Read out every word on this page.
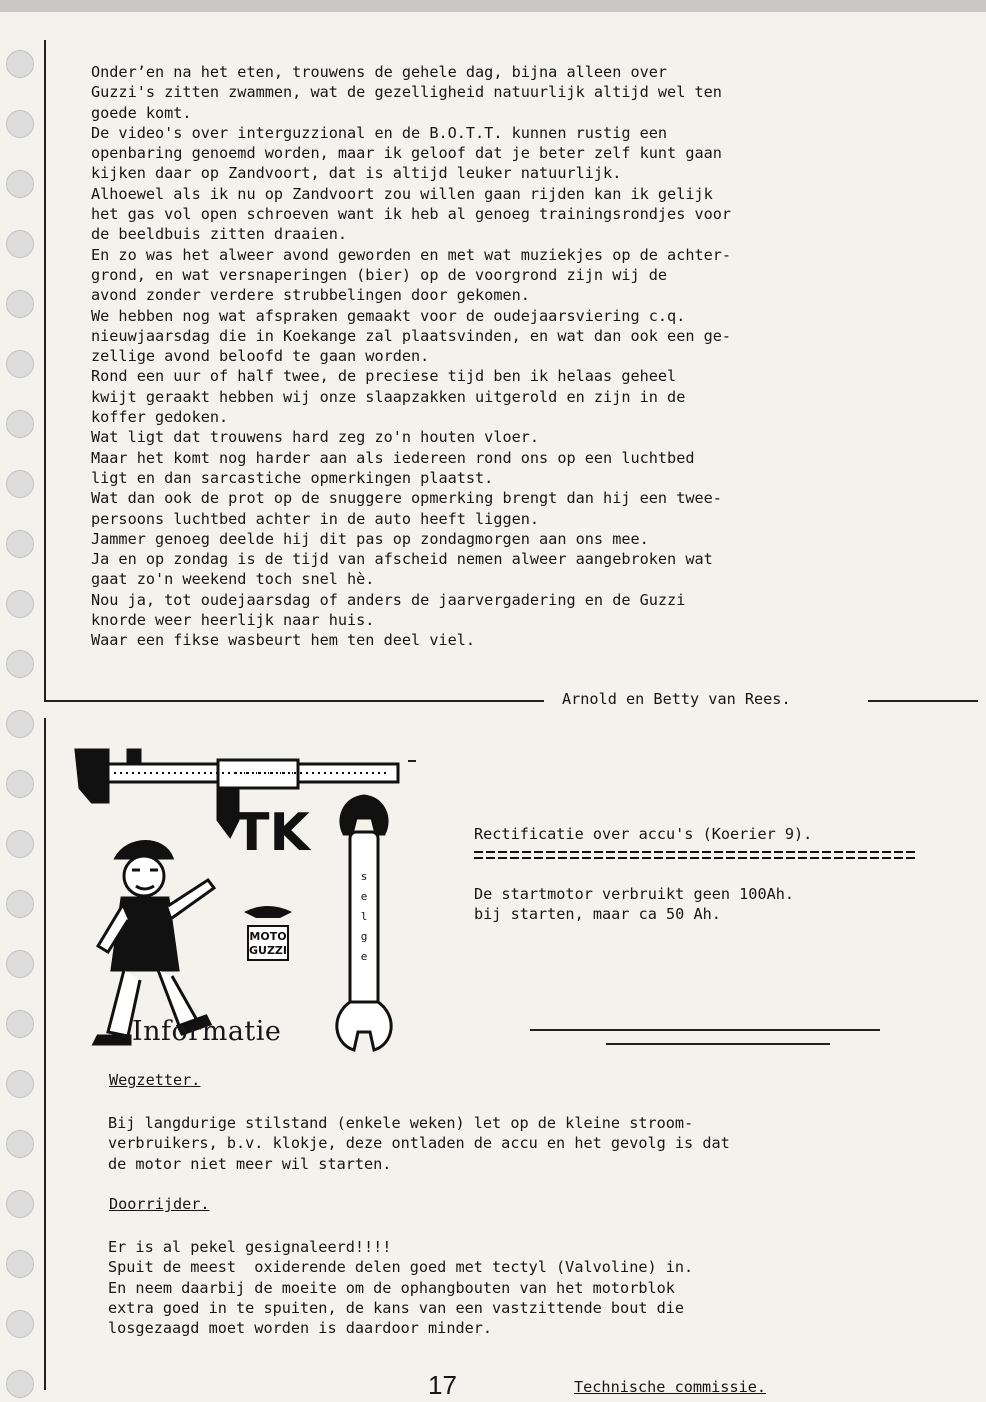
Onderʼen na het eten, trouwens de gehele dag, bijna alleen over
Guzzi's zitten zwammen, wat de gezelligheid natuurlijk altijd wel ten
goede komt.
De video's over interguzzional en de B.O.T.T. kunnen rustig een
openbaring genoemd worden, maar ik geloof dat je beter zelf kunt gaan
kijken daar op Zandvoort, dat is altijd leuker natuurlijk.
Alhoewel als ik nu op Zandvoort zou willen gaan rijden kan ik gelijk
het gas vol open schroeven want ik heb al genoeg trainingsrondjes voor
de beeldbuis zitten draaien.
En zo was het alweer avond geworden en met wat muziekjes op de achter-
grond, en wat versnaperingen (bier) op de voorgrond zijn wij de
avond zonder verdere strubbelingen door gekomen.
We hebben nog wat afspraken gemaakt voor de oudejaarsviering c.q.
nieuwjaarsdag die in Koekange zal plaatsvinden, en wat dan ook een ge-
zellige avond beloofd te gaan worden.
Rond een uur of half twee, de preciese tijd ben ik helaas geheel
kwijt geraakt hebben wij onze slaapzakken uitgerold en zijn in de
koffer gedoken.
Wat ligt dat trouwens hard zeg zo'n houten vloer.
Maar het komt nog harder aan als iedereen rond ons op een luchtbed
ligt en dan sarcastiche opmerkingen plaatst.
Wat dan ook de prot op de snuggere opmerking brengt dan hij een twee-
persoons luchtbed achter in de auto heeft liggen.
Jammer genoeg deelde hij dit pas op zondagmorgen aan ons mee.
Ja en op zondag is de tijd van afscheid nemen alweer aangebroken wat
gaat zo'n weekend toch snel hè.
Nou ja, tot oudejaarsdag of anders de jaarvergadering en de Guzzi
knorde weer heerlijk naar huis.
Waar een fikse wasbeurt hem ten deel viel.
Arnold en Betty van Rees.
TK
s
e
l
g
e
MOTO
GUZZI
Informatie
Rectificatie over accu's (Koerier 9).
De startmotor verbruikt geen 100Ah.
bij starten, maar ca 50 Ah.
Wegzetter.
Bij langdurige stilstand (enkele weken) let op de kleine stroom-
verbruikers, b.v. klokje, deze ontladen de accu en het gevolg is dat
de motor niet meer wil starten.
Doorrijder.
Er is al pekel gesignaleerd!!!!
Spuit de meest  oxiderende delen goed met tectyl (Valvoline) in.
En neem daarbij de moeite om de ophangbouten van het motorblok
extra goed in te spuiten, de kans van een vastzittende bout die
losgezaagd moet worden is daardoor minder.
17	Technische commissie.
